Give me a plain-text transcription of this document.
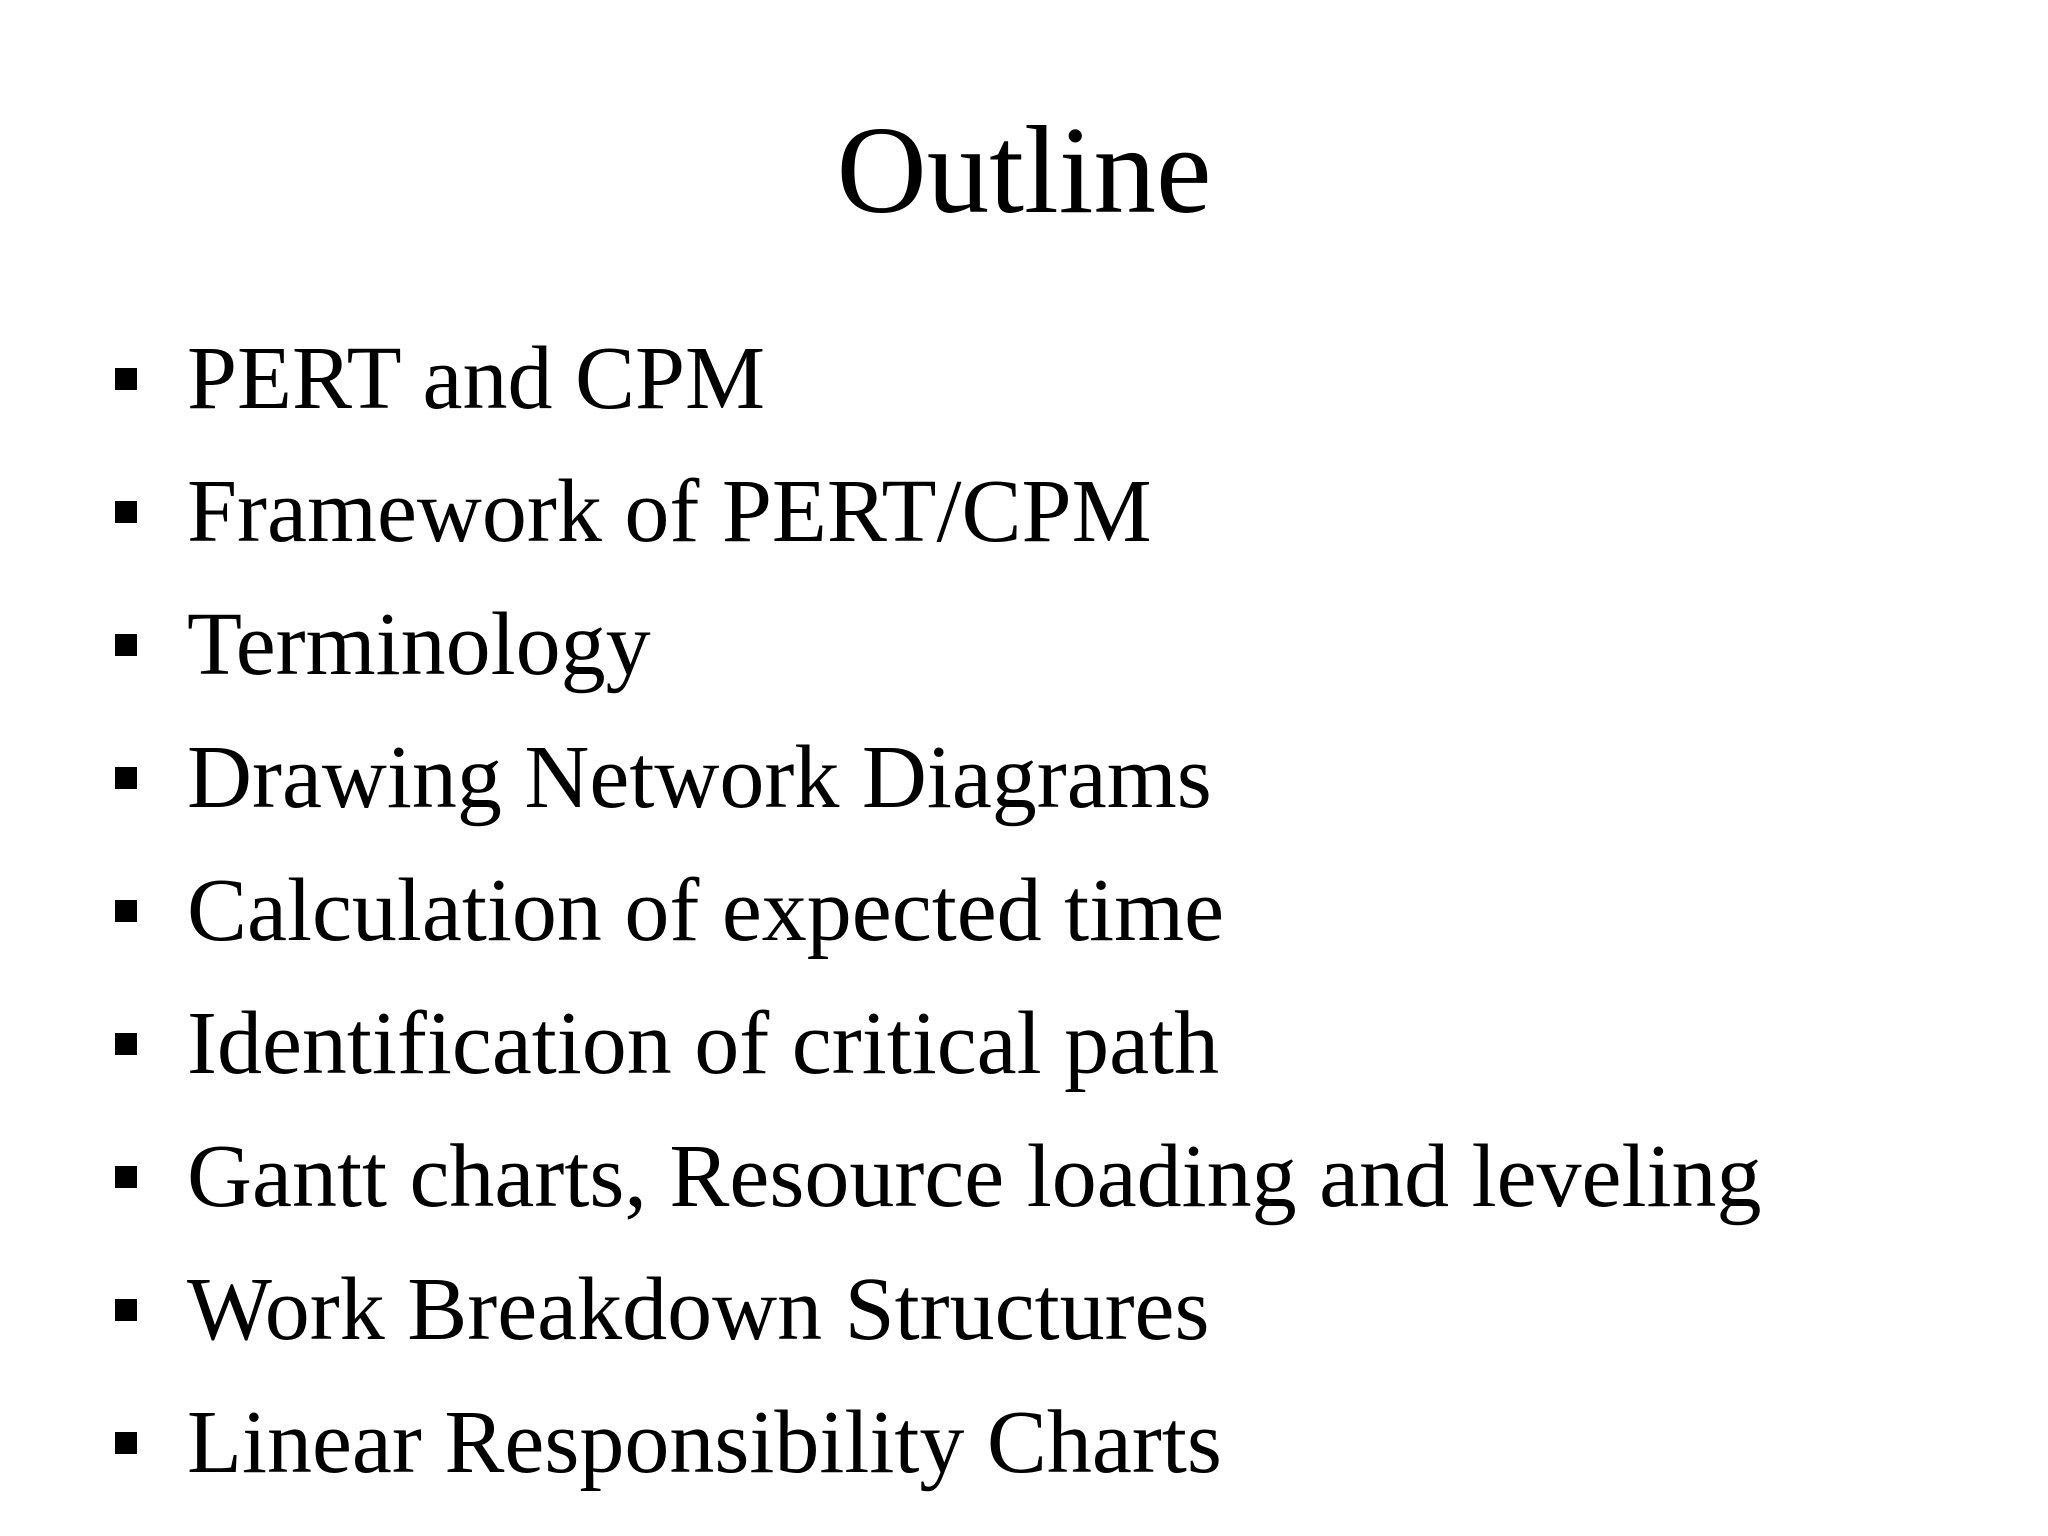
Outline
PERT and CPM
Framework of PERT/CPM
Terminology
Drawing Network Diagrams
Calculation of expected time
Identification of critical path
Gantt charts, Resource loading and leveling
Work Breakdown Structures
Linear Responsibility Charts
